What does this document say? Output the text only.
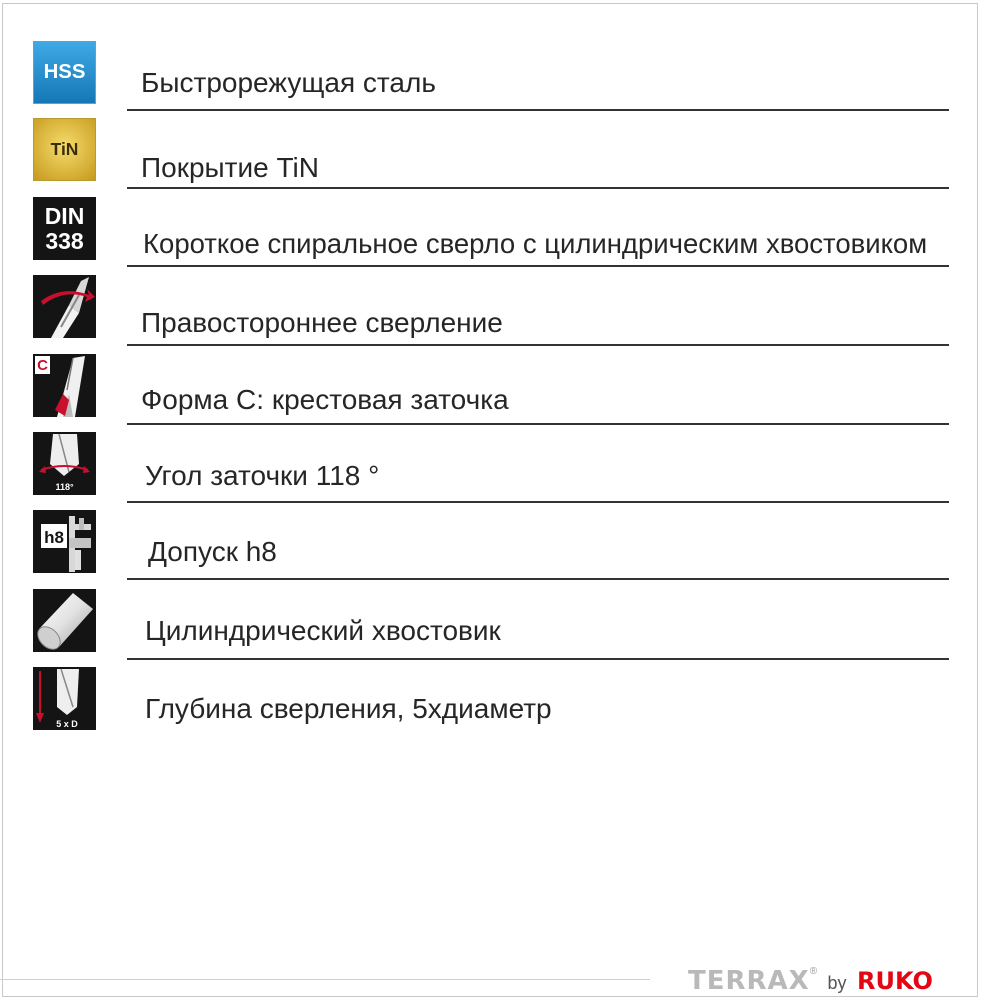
HSS Быстрорежущая сталь
TiN
Покрытие TiN
DIN
338 Короткое спиральное сверло с цилиндрическим хвостовиком
Правостороннее сверление
C
Форма С: крестовая заточка
118°	Угол заточки 118 °
h8	Допуск h8
Цилиндрический хвостовик
5 x D Глубина сверления, 5хдиаметр
TERRAX® by RUKO
